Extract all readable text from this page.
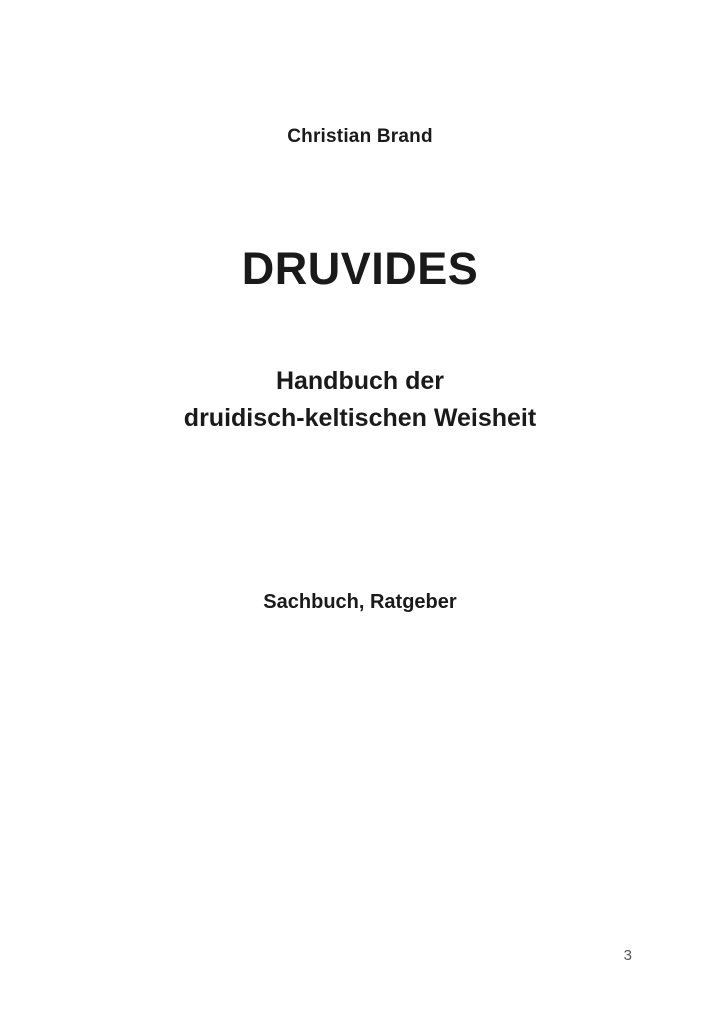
Christian Brand
DRUVIDES
Handbuch der
druidisch-keltischen Weisheit
Sachbuch, Ratgeber
3
